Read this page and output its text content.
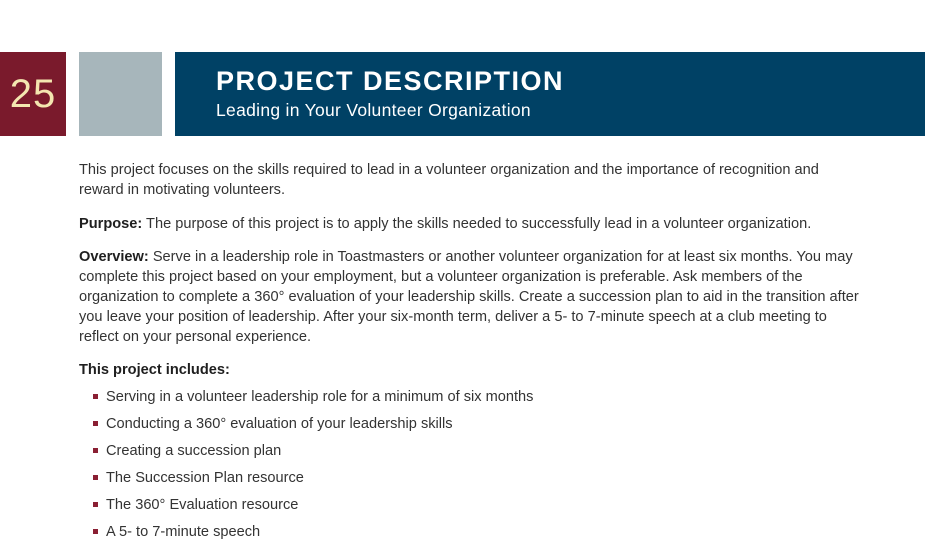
25	PROJECT DESCRIPTION
Leading in Your Volunteer Organization

This project focuses on the skills required to lead in a volunteer organization and the importance of recognition and reward in motivating volunteers.

Purpose: The purpose of this project is to apply the skills needed to successfully lead in a volunteer organization.

Overview: Serve in a leadership role in Toastmasters or another volunteer organization for at least six months. You may complete this project based on your employment, but a volunteer organization is preferable. Ask members of the organization to complete a 360° evaluation of your leadership skills. Create a succession plan to aid in the transition after you leave your position of leadership. After your six-month term, deliver a 5- to 7-minute speech at a club meeting to reflect on your personal experience.

This project includes:
Serving in a volunteer leadership role for a minimum of six months
Conducting a 360° evaluation of your leadership skills
Creating a succession plan
The Succession Plan resource
The 360° Evaluation resource
A 5- to 7-minute speech
